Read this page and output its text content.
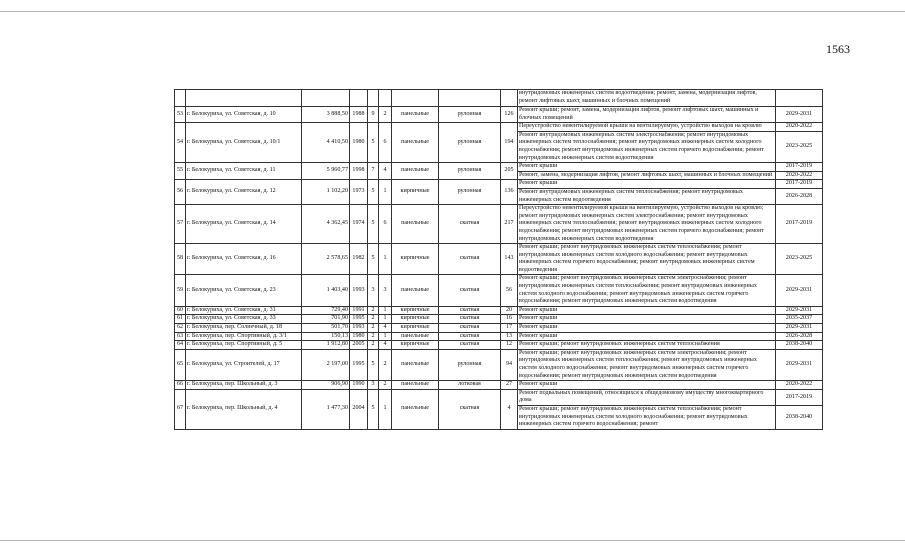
1563
									внутридомовых инженерных систем водоотведения; ремонт, замена, модернизация лифтов, ремонт лифтовых шахт, машинных и блочных помещений	
53	г. Белокуриха, ул. Советская, д. 10	3 888,50	1988	9	2	панельные	рулонная	126	Ремонт крыши; ремонт, замена, модернизация лифтов, ремонт лифтовых шахт, машинных и блочных помещений	2029-2031
54	г. Белокуриха, ул. Советская, д. 10/1	4 410,50	1980	5	6	панельные	рулонная	194	Переустройство невентилируемой крыши на вентилируемую, устройство выходов на кровлю	2020-2022
									Ремонт внутридомовых инженерных систем электроснабжения; ремонт внутридомовых инженерных систем теплоснабжения; ремонт внутридомовых инженерных систем холодного водоснабжения; ремонт внутридомовых инженерных систем горячего водоснабжения; ремонт внутридомовых инженерных систем водоотведения	2023-2025
55	г. Белокуриха, ул. Советская, д. 11	5 960,77	1998	7	4	панельные	рулонная	205	Ремонт крыши	2017-2019
									Ремонт, замена, модернизация лифтов, ремонт лифтовых шахт, машинных и блочных помещений	2020-2022
56	г. Белокуриха, ул. Советская, д. 12	1 102,20	1973	5	1	кирпичные	рулонная	136	Ремонт крыши	2017-2019
									Ремонт внутридомовых инженерных систем теплоснабжения; ремонт внутридомовых инженерных систем водоотведения	2026-2028
57	г. Белокуриха, ул. Советская, д. 14	4 362,45	1974	5	6	панельные	скатная	217	Переустройство невентилируемой крыши на вентилируемую, устройство выходов на кровлю; ремонт внутридомовых инженерных систем электроснабжения; ремонт внутридомовых инженерных систем теплоснабжения; ремонт внутридомовых инженерных систем холодного водоснабжения; ремонт внутридомовых инженерных систем горячего водоснабжения; ремонт внутридомовых инженерных систем водоотведения	2017-2019
58	г. Белокуриха, ул. Советская, д. 16	2 578,65	1982	5	1	кирпичные	скатная	143	Ремонт крыши; ремонт внутридомовых инженерных систем теплоснабжения; ремонт внутридомовых инженерных систем холодного водоснабжения; ремонт внутридомовых инженерных систем горячего водоснабжения; ремонт внутридомовых инженерных систем водоотведения	2023-2025
59	г. Белокуриха, ул. Советская, д. 23	1 403,40	1993	3	3	панельные	скатная	56	Ремонт крыши; ремонт внутридомовых инженерных систем электроснабжения; ремонт внутридомовых инженерных систем теплоснабжения; ремонт внутридомовых инженерных систем холодного водоснабжения; ремонт внутридомовых инженерных систем горячего водоснабжения; ремонт внутридомовых инженерных систем водоотведения	2029-2031
60	г. Белокуриха, ул. Советская, д. 31	729,40	1991	2	1	кирпичные	скатная	20	Ремонт крыши	2029-2031
61	г. Белокуриха, ул. Советская, д. 33	701,90	1995	2	1	кирпичные	скатная	16	Ремонт крыши	2035-2037
62	г. Белокуриха, пер. Солнечный, д. 18	501,70	1993	2	4	кирпичные	скатная	17	Ремонт крыши	2029-2031
63	г. Белокуриха, пер. Спортивный, д. 3/1	150,13	1980	2	1	панельные	скатная	13	Ремонт крыши	2026-2028
64	г. Белокуриха, пер. Спортивный, д. 5	1 912,80	2005	2	4	кирпичные	скатная	12	Ремонт крыши; ремонт внутридомовых инженерных систем теплоснабжения	2038-2040
65	г. Белокуриха, ул. Строителей, д. 17	2 197,00	1995	5	2	панельные	рулонная	94	Ремонт крыши; ремонт внутридомовых инженерных систем электроснабжения; ремонт внутридомовых инженерных систем теплоснабжения; ремонт внутридомовых инженерных систем холодного водоснабжения; ремонт внутридомовых инженерных систем горячего водоснабжения; ремонт внутридомовых инженерных систем водоотведения	2029-2031
66	г. Белокуриха, пер. Школьный, д. 3	906,90	1990	3	2	панельные	лотковая	27	Ремонт крыши	2020-2022
67	г. Белокуриха, пер. Школьный, д. 4	1 477,30	2004	5	1	панельные	скатная	4	Ремонт подвальных помещений, относящихся к общедомовому имуществу многоквартирного дома	2017-2019
									Ремонт крыши; ремонт внутридомовых инженерных систем теплоснабжения; ремонт внутридомовых инженерных систем холодного водоснабжения; ремонт внутридомовых инженерных систем горячего водоснабжения; ремонт	2038-2040
